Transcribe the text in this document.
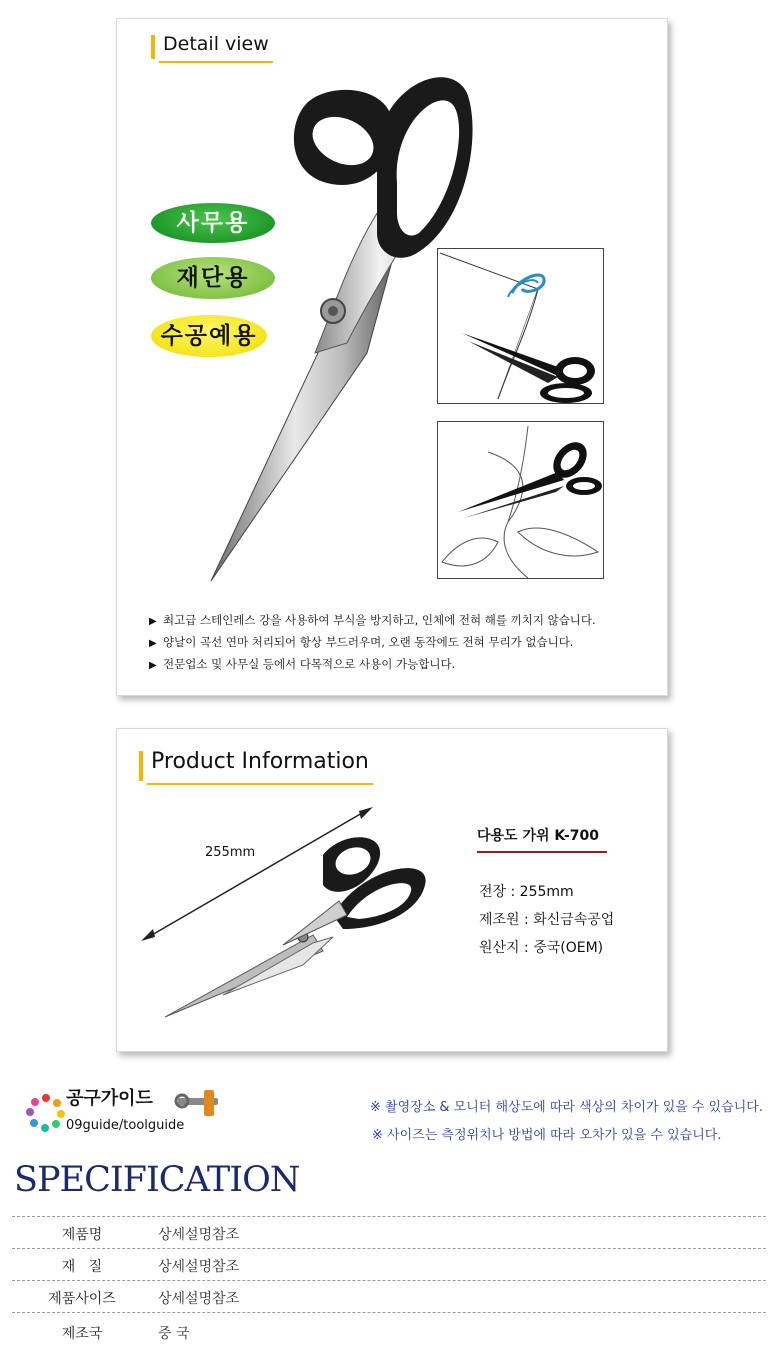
Detail view
사무용
재단용
수공예용
▶ 최고급 스테인레스 강을 사용하여 부식을 방지하고, 인체에 전혀 해를 끼치지 않습니다.
▶ 양날이 곡선 연마 처리되어 항상 부드러우며, 오랜 동작에도 전혀 무리가 없습니다.
▶ 전문업소 및 사무실 등에서 다목적으로 사용이 가능합니다.
Product Information
255mm
다용도 가위 K-700
전장 : 255mm
제조원 : 화신금속공업
원산지 : 중국(OEM)
공구가이드
09guide/toolguide
※ 촬영장소 & 모니터 해상도에 따라 색상의 차이가 있을 수 있습니다.
※ 사이즈는 측정위치나 방법에 따라 오차가 있을 수 있습니다.
SPECIFICATION
제품명	상세설명참조
재   질	상세설명참조
제품사이즈	상세설명참조
제조국	중 국
